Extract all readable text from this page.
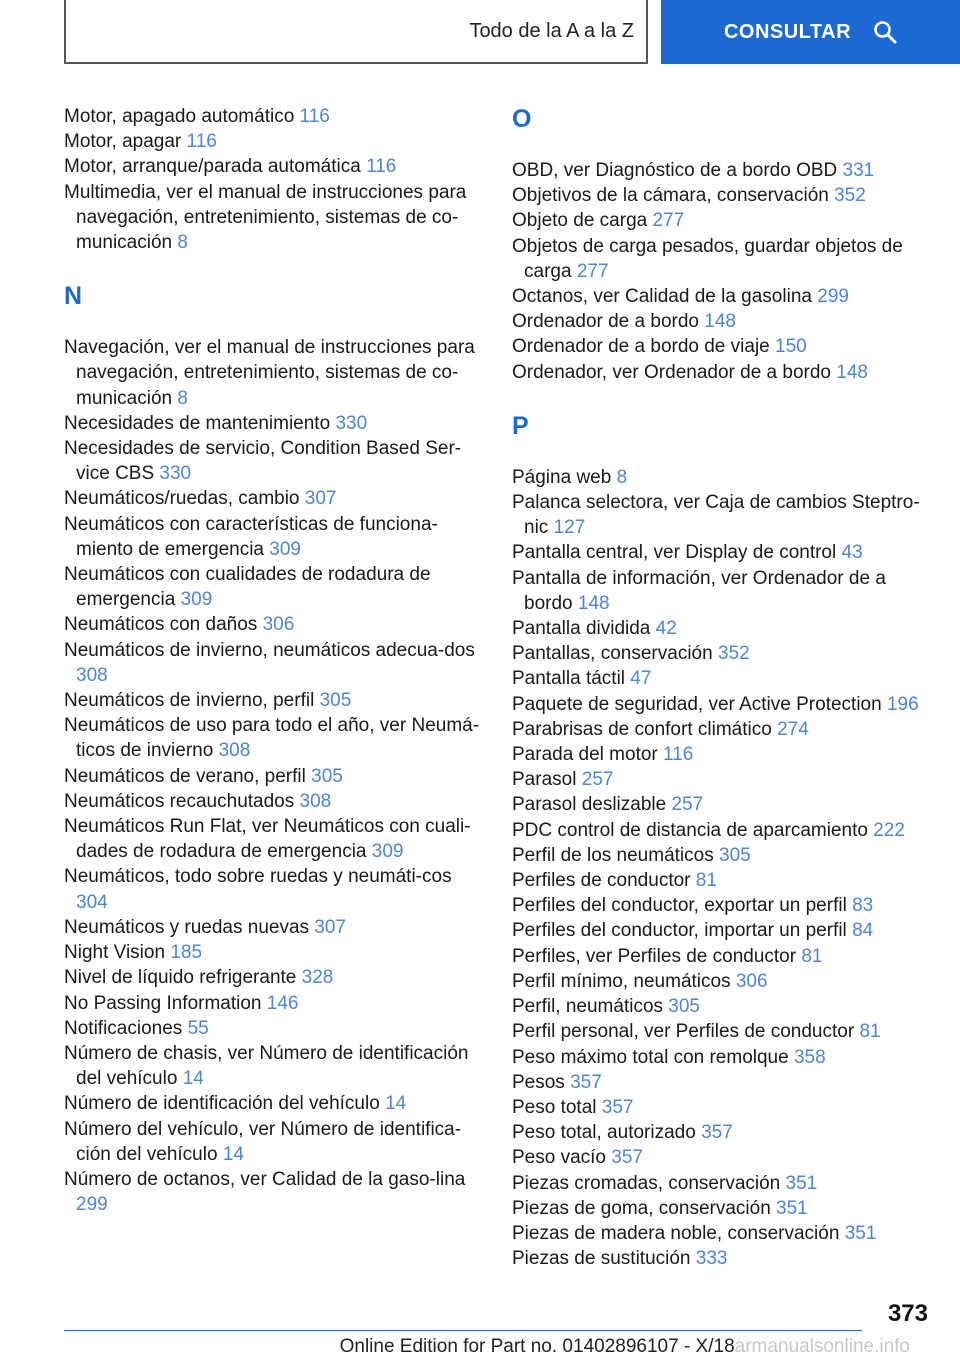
Todo de la A a la Z	CONSULTAR
Motor, apagado automático 116
Motor, apagar 116
Motor, arranque/parada automática 116
Multimedia, ver el manual de instrucciones para navegación, entretenimiento, sistemas de co‐municación 8
N
Navegación, ver el manual de instrucciones para navegación, entretenimiento, sistemas de co‐municación 8
Necesidades de mantenimiento 330
Necesidades de servicio, Condition Based Ser‐vice CBS 330
Neumáticos/ruedas, cambio 307
Neumáticos con características de funciona‐miento de emergencia 309
Neumáticos con cualidades de rodadura de emergencia 309
Neumáticos con daños 306
Neumáticos de invierno, neumáticos adecua‐dos 308
Neumáticos de invierno, perfil 305
Neumáticos de uso para todo el año, ver Neumá‐ticos de invierno 308
Neumáticos de verano, perfil 305
Neumáticos recauchutados 308
Neumáticos Run Flat, ver Neumáticos con cuali‐dades de rodadura de emergencia 309
Neumáticos, todo sobre ruedas y neumáti‐cos 304
Neumáticos y ruedas nuevas 307
Night Vision 185
Nivel de líquido refrigerante 328
No Passing Information 146
Notificaciones 55
Número de chasis, ver Número de identificación del vehículo 14
Número de identificación del vehículo 14
Número del vehículo, ver Número de identifica‐ción del vehículo 14
Número de octanos, ver Calidad de la gaso‐lina 299
O
OBD, ver Diagnóstico de a bordo OBD 331
Objetivos de la cámara, conservación 352
Objeto de carga 277
Objetos de carga pesados, guardar objetos de carga 277
Octanos, ver Calidad de la gasolina 299
Ordenador de a bordo 148
Ordenador de a bordo de viaje 150
Ordenador, ver Ordenador de a bordo 148
P
Página web 8
Palanca selectora, ver Caja de cambios Steptro‐nic 127
Pantalla central, ver Display de control 43
Pantalla de información, ver Ordenador de a bordo 148
Pantalla dividida 42
Pantallas, conservación 352
Pantalla táctil 47
Paquete de seguridad, ver Active Protection 196
Parabrisas de confort climático 274
Parada del motor 116
Parasol 257
Parasol deslizable 257
PDC control de distancia de aparcamiento 222
Perfil de los neumáticos 305
Perfiles de conductor 81
Perfiles del conductor, exportar un perfil 83
Perfiles del conductor, importar un perfil 84
Perfiles, ver Perfiles de conductor 81
Perfil mínimo, neumáticos 306
Perfil, neumáticos 305
Perfil personal, ver Perfiles de conductor 81
Peso máximo total con remolque 358
Pesos 357
Peso total 357
Peso total, autorizado 357
Peso vacío 357
Piezas cromadas, conservación 351
Piezas de goma, conservación 351
Piezas de madera noble, conservación 351
Piezas de sustitución 333
373
Online Edition for Part no. 01402896107 - X/18armanualsonline.info
